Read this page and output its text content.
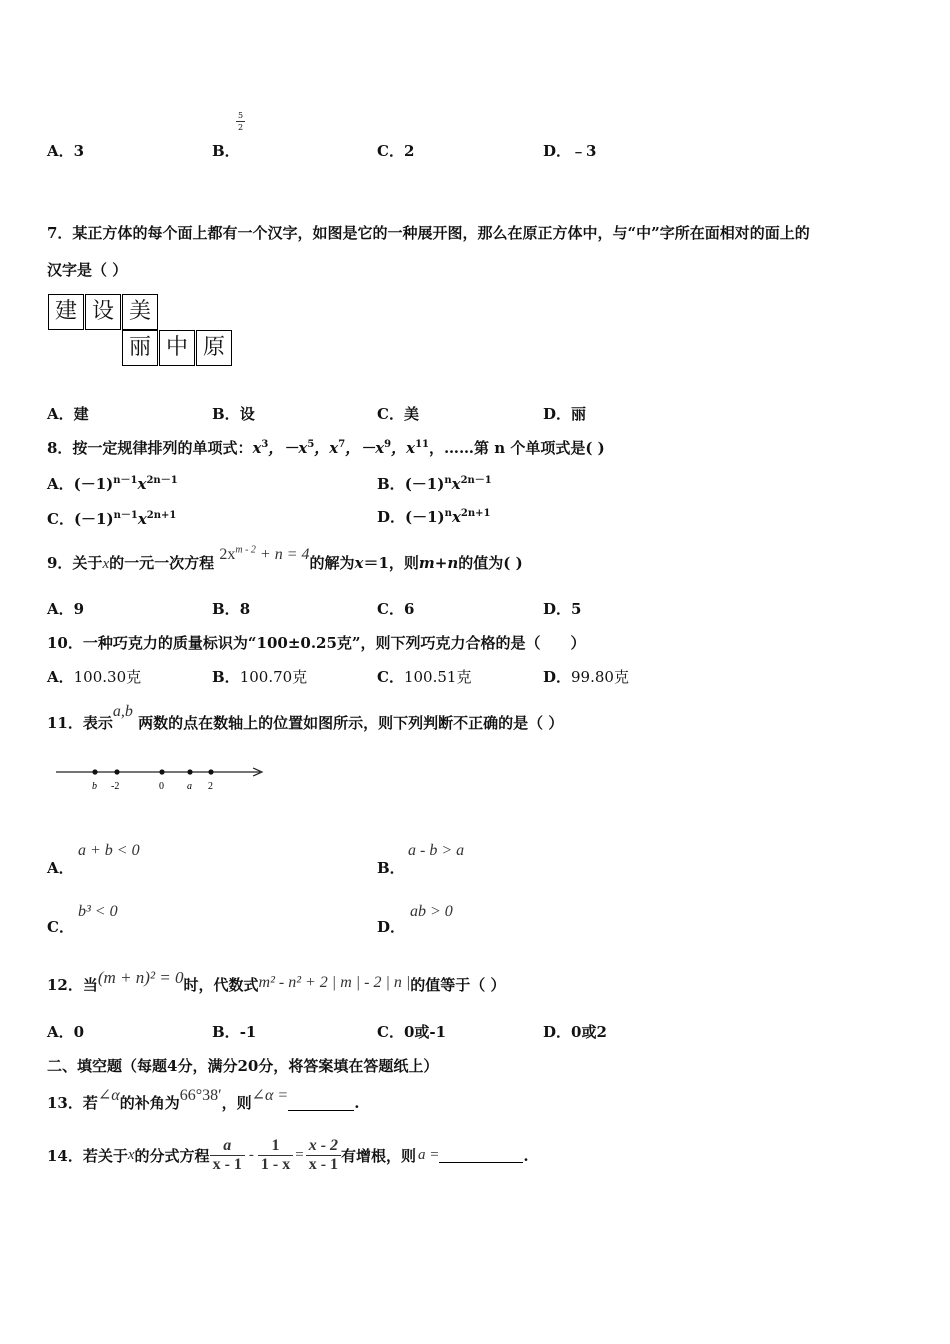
A．3	B．
5
2
C．2	D．﹣3
7．某正方体的每个面上都有一个汉字，如图是它的一种展开图，那么在原正方体中，与“中”字所在面相对的面上的
汉字是（ ）
建 设 美
丽 中 原
A．建	B．设	C．美	D．丽
8．按一定规律排列的单项式：$x^3$，$-x^5$，$x^7$，$-x^9$，$x^{11}$，……第 n 个单项式是( )
A．$(-1)^{n-1}x^{2n-1}$	B．$(-1)^nx^{2n-1}$
C．$(-1)^{n-1}x^{2n+1}$	D．$(-1)^nx^{2n+1}$
9．关于x的一元一次方程 $2x^{m - 2} + n = 4$的解为x＝1，则m+n的值为( )
A．9	B．8	C．6	D．5
10．一种巧克力的质量标识为“100±0.25克”，则下列巧克力合格的是（　　）
A．100.30克	B．100.70克	C．100.51克	D．99.80克
11．表示a,b 两数的点在数轴上的位置如图所示，则下列判断不正确的是（ ）
b -2	0 a 2
A．
a + b < 0
B．
a - b > a
C．
b³ < 0
D．
ab > 0
12．当(m + n)² = 0时，代数式m² - n² + 2 | m | - 2 | n |的值等于（ ）
A．0	B．-1	C．0或-1	D．0或2
二、填空题（每题4分，满分20分，将答案填在答题纸上）
13．若∠α的补角为66°38′，则∠α =	.
14．若关于 x 的分式方程 $\frac{a}{x - 1} - \frac{1}{1 - x} = \frac{x - 2}{x - 1}$ 有增根，则 a =	.
